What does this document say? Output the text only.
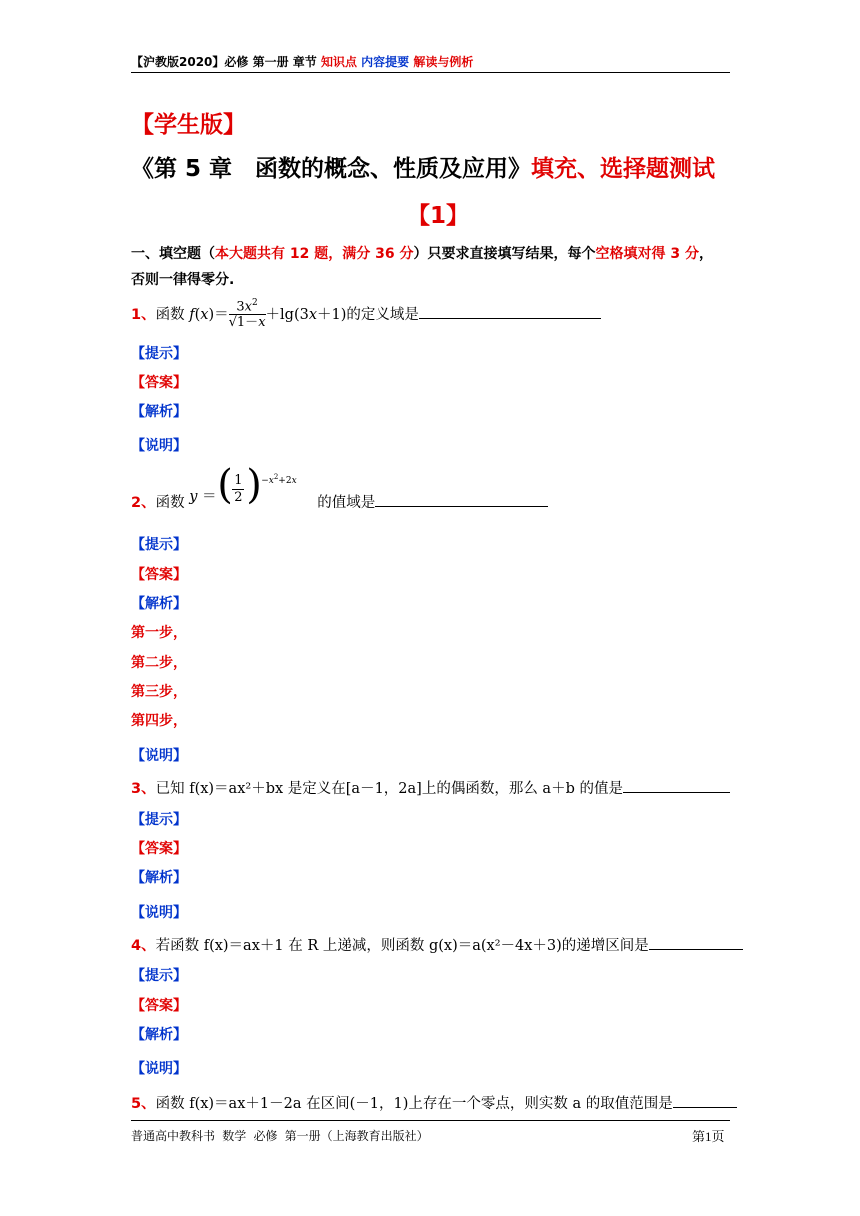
【沪教版2020】必修 第一册 章节 知识点 内容提要 解读与例析
【学生版】
《第 5 章　函数的概念、性质及应用》填充、选择题测试
【1】
一、填空题（本大题共有 12 题，满分 36 分）只要求直接填写结果，每个空格填对得 3 分，
否则一律得零分.
1、函数 $f(x)= \frac{3x^2}{√1-x} +\lg(3x+1)$的定义域是
【提示】
【答案】
【解析】
【说明】
2、函数 y ＝ ( 1
2 ) $-x^2+2x$
的值域是
【提示】
【答案】
【解析】
第一步，
第二步，
第三步，
第四步，
【说明】
3、已知 f(x)＝ax²＋bx 是定义在[a－1，2a]上的偶函数，那么 a＋b 的值是
【提示】
【答案】
【解析】
【说明】
4、若函数 f(x)＝ax＋1 在 R 上递减，则函数 g(x)＝a(x²－4x＋3)的递增区间是
【提示】
【答案】
【解析】
【说明】
5、函数 f(x)＝ax＋1－2a 在区间(－1，1)上存在一个零点，则实数 a 的取值范围是
普通高中教科书 数学 必修 第一册（上海教育出版社）	第1页
